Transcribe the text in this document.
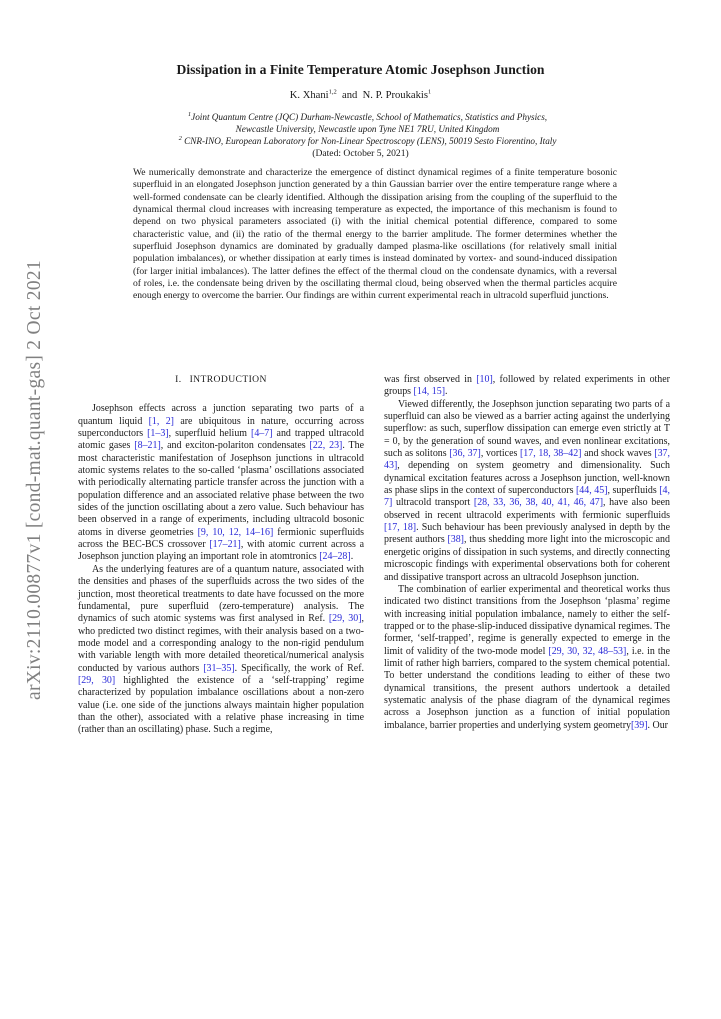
arXiv:2110.00877v1 [cond-mat.quant-gas] 2 Oct 2021
Dissipation in a Finite Temperature Atomic Josephson Junction
K. Xhani$^{1,2}$ and N. P. Proukakis$^1$
$^1$Joint Quantum Centre (JQC) Durham-Newcastle, School of Mathematics, Statistics and Physics,
Newcastle University, Newcastle upon Tyne NE1 7RU, United Kingdom
$^2$ CNR-INO, European Laboratory for Non-Linear Spectroscopy (LENS), 50019 Sesto Fiorentino, Italy
(Dated: October 5, 2021)

We numerically demonstrate and characterize the emergence of distinct dynamical regimes of a finite temperature bosonic superfluid in an elongated Josephson junction generated by a thin Gaussian barrier over the entire temperature range where a well-formed condensate can be clearly identified. Although the dissipation arising from the coupling of the superfluid to the dynamical thermal cloud increases with increasing temperature as expected, the importance of this mechanism is found to depend on two physical parameters associated (i) with the initial chemical potential difference, compared to some characteristic value, and (ii) the ratio of the thermal energy to the barrier amplitude. The former determines whether the superfluid Josephson dynamics are dominated by gradually damped plasma-like oscillations (for relatively small initial population imbalances), or whether dissipation at early times is instead dominated by vortex- and sound-induced dissipation (for larger initial imbalances). The latter defines the effect of the thermal cloud on the condensate dynamics, with a reversal of roles, i.e. the condensate being driven by the oscillating thermal cloud, being observed when the thermal particles acquire enough energy to overcome the barrier. Our findings are within current experimental reach in ultracold superfluid junctions.

I. INTRODUCTION

Josephson effects across a junction separating two parts of a quantum liquid [1, 2] are ubiquitous in nature, occurring across superconductors [1–3], superfluid helium [4–7] and trapped ultracold atomic gases [8–21], and exciton-polariton condensates [22, 23]. The most characteristic manifestation of Josephson junctions in ultracold atomic systems relates to the so-called ‘plasma’ oscillations associated with periodically alternating particle transfer across the junction with a population difference and an associated relative phase between the two sides of the junction oscillating about a zero value. Such behaviour has been observed in a range of experiments, including ultracold bosonic atoms in diverse geometries [9, 10, 12, 14–16] fermionic superfluids across the BEC-BCS crossover [17–21], with atomic current across a Josephson junction playing an important role in atomtronics [24–28].

As the underlying features are of a quantum nature, associated with the densities and phases of the superfluids across the two sides of the junction, most theoretical treatments to date have focussed on the more fundamental, pure superfluid (zero-temperature) analysis. The dynamics of such atomic systems was first analysed in Ref. [29, 30], who predicted two distinct regimes, with their analysis based on a two-mode model and a corresponding analogy to the non-rigid pendulum with variable length with more detailed theoretical/numerical analysis conducted by various authors [31–35]. Specifically, the work of Ref.[29, 30] highlighted the existence of a ‘self-trapping’ regime characterized by population imbalance oscillations about a non-zero value (i.e. one side of the junctions always maintain higher population than the other), associated with a relative phase increasing in time (rather than an oscillating) phase. Such a regime,

was first observed in [10], followed by related experiments in other groups [14, 15].

Viewed differently, the Josephson junction separating two parts of a superfluid can also be viewed as a barrier acting against the underlying superflow: as such, superflow dissipation can emerge even strictly at T = 0, by the generation of sound waves, and even nonlinear excitations, such as solitons [36, 37], vortices [17, 18, 38–42] and shock waves [37, 43], depending on system geometry and dimensionality. Such dynamical excitation features across a Josephson junction, well-known as phase slips in the context of superconductors [44, 45], superfluids [4, 7] ultracold transport [28, 33, 36, 38, 40, 41, 46, 47], have also been observed in recent ultracold experiments with fermionic superfluids [17, 18]. Such behaviour has been previously analysed in depth by the present authors [38], thus shedding more light into the microscopic and energetic origins of dissipation in such systems, and directly connecting microscopic findings with experimental observations both for coherent and dissipative transport across an ultracold Josephson junction.

The combination of earlier experimental and theoretical works thus indicated two distinct transitions from the Josephson ‘plasma’ regime with increasing initial population imbalance, namely to either the self-trapped or to the phase-slip-induced dissipative dynamical regimes. The former, ‘self-trapped’, regime is generally expected to emerge in the limit of validity of the two-mode model [29, 30, 32, 48–53], i.e. in the limit of rather high barriers, compared to the system chemical potential. To better understand the conditions leading to either of these two dynamical transitions, the present authors undertook a detailed systematic analysis of the phase diagram of the dynamical regimes across a Josephson junction as a function of initial population imbalance, barrier properties and underlying system geometry[39]. Our
